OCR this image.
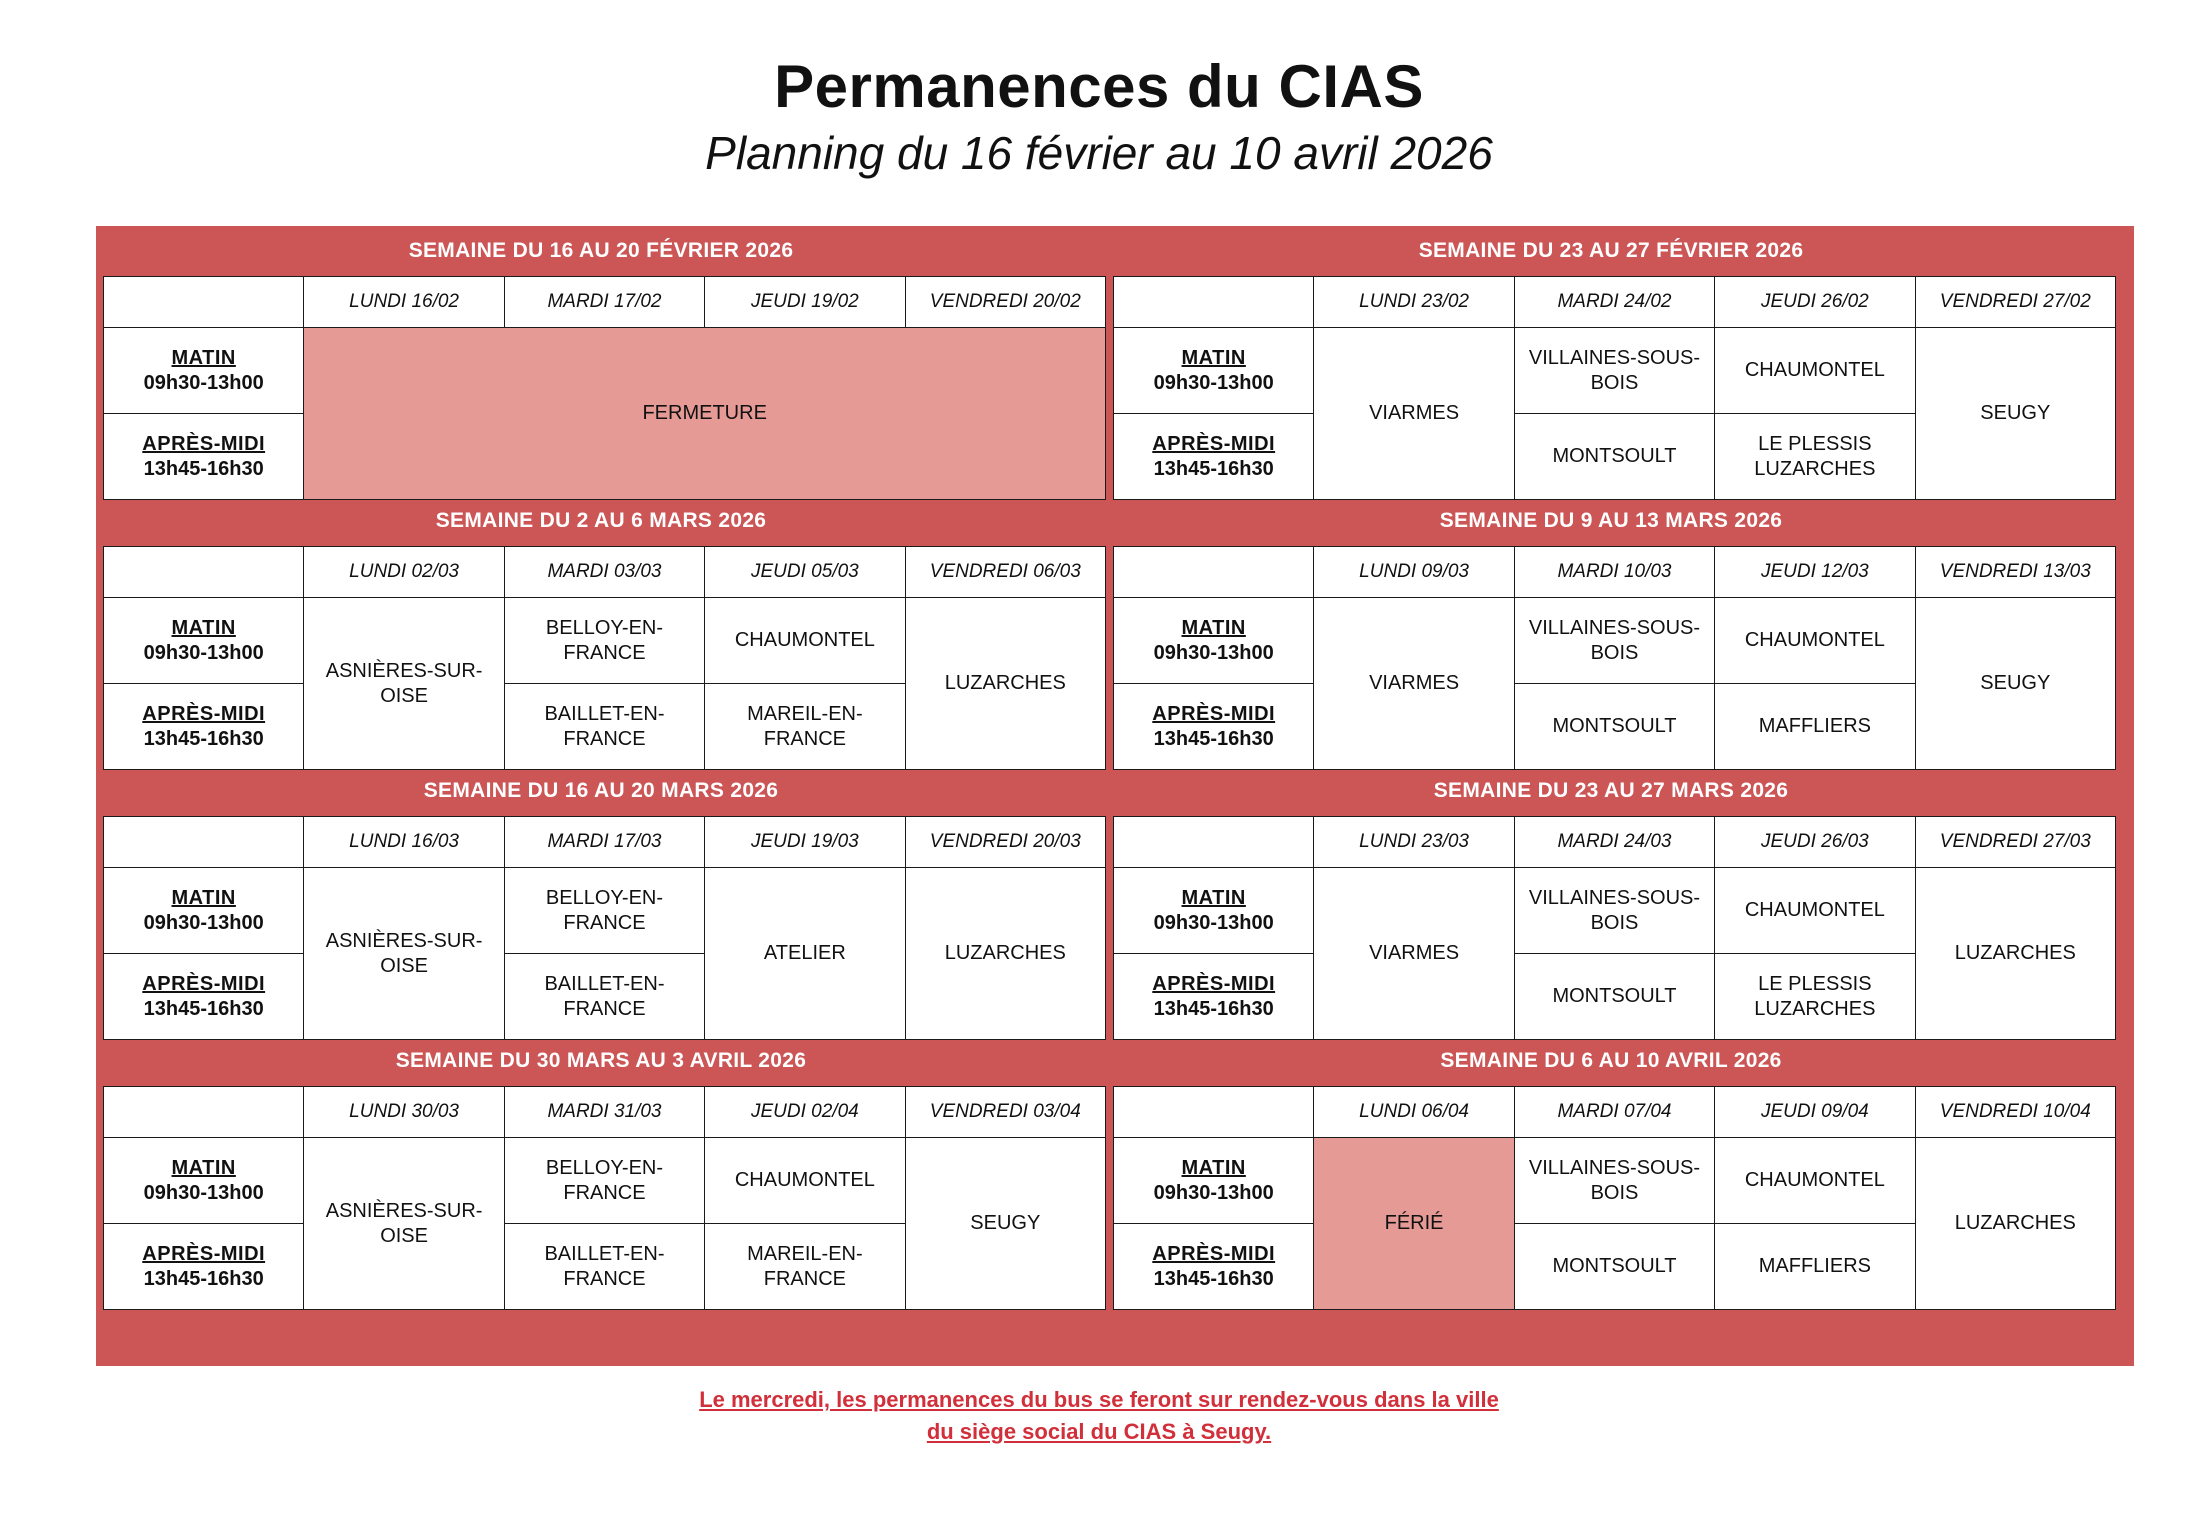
Permanences du CIAS
Planning du 16 février au 10 avril 2026
SEMAINE DU 16 AU 20 FÉVRIER 2026
	LUNDI 16/02	MARDI 17/02	JEUDI 19/02	VENDREDI 20/02
MATIN
09h30-13h00	FERMETURE			
APRÈS-MIDI
13h45-16h30				
SEMAINE DU 23 AU 27 FÉVRIER 2026
	LUNDI 23/02	MARDI 24/02	JEUDI 26/02	VENDREDI 27/02
MATIN
09h30-13h00	VIARMES	VILLAINES-SOUS-BOIS	CHAUMONTEL	SEUGY
APRÈS-MIDI
13h45-16h30		MONTSOULT	LE PLESSIS LUZARCHES	
SEMAINE DU 2 AU 6 MARS 2026
	LUNDI 02/03	MARDI 03/03	JEUDI 05/03	VENDREDI 06/03
MATIN
09h30-13h00	ASNIÈRES-SUR-OISE	BELLOY-EN-FRANCE	CHAUMONTEL	LUZARCHES
APRÈS-MIDI
13h45-16h30		BAILLET-EN-FRANCE	MAREIL-EN-FRANCE	
SEMAINE DU 9 AU 13 MARS 2026
	LUNDI 09/03	MARDI 10/03	JEUDI 12/03	VENDREDI 13/03
MATIN
09h30-13h00	VIARMES	VILLAINES-SOUS-BOIS	CHAUMONTEL	SEUGY
APRÈS-MIDI
13h45-16h30		MONTSOULT	MAFFLIERS	
SEMAINE DU 16 AU 20 MARS 2026
	LUNDI 16/03	MARDI 17/03	JEUDI 19/03	VENDREDI 20/03
MATIN
09h30-13h00	ASNIÈRES-SUR-OISE	BELLOY-EN-FRANCE	ATELIER	LUZARCHES
APRÈS-MIDI
13h45-16h30		BAILLET-EN-FRANCE		
SEMAINE DU 23 AU 27 MARS 2026
	LUNDI 23/03	MARDI 24/03	JEUDI 26/03	VENDREDI 27/03
MATIN
09h30-13h00	VIARMES	VILLAINES-SOUS-BOIS	CHAUMONTEL	LUZARCHES
APRÈS-MIDI
13h45-16h30		MONTSOULT	LE PLESSIS LUZARCHES	
SEMAINE DU 30 MARS AU 3 AVRIL 2026
	LUNDI 30/03	MARDI 31/03	JEUDI 02/04	VENDREDI 03/04
MATIN
09h30-13h00	ASNIÈRES-SUR-OISE	BELLOY-EN-FRANCE	CHAUMONTEL	SEUGY
APRÈS-MIDI
13h45-16h30		BAILLET-EN-FRANCE	MAREIL-EN-FRANCE	
SEMAINE DU 6 AU 10 AVRIL 2026
	LUNDI 06/04	MARDI 07/04	JEUDI 09/04	VENDREDI 10/04
MATIN
09h30-13h00	FÉRIÉ	VILLAINES-SOUS-BOIS	CHAUMONTEL	LUZARCHES
APRÈS-MIDI
13h45-16h30		MONTSOULT	MAFFLIERS	
Le mercredi, les permanences du bus se feront sur rendez-vous dans la ville
du siège social du CIAS à Seugy.
